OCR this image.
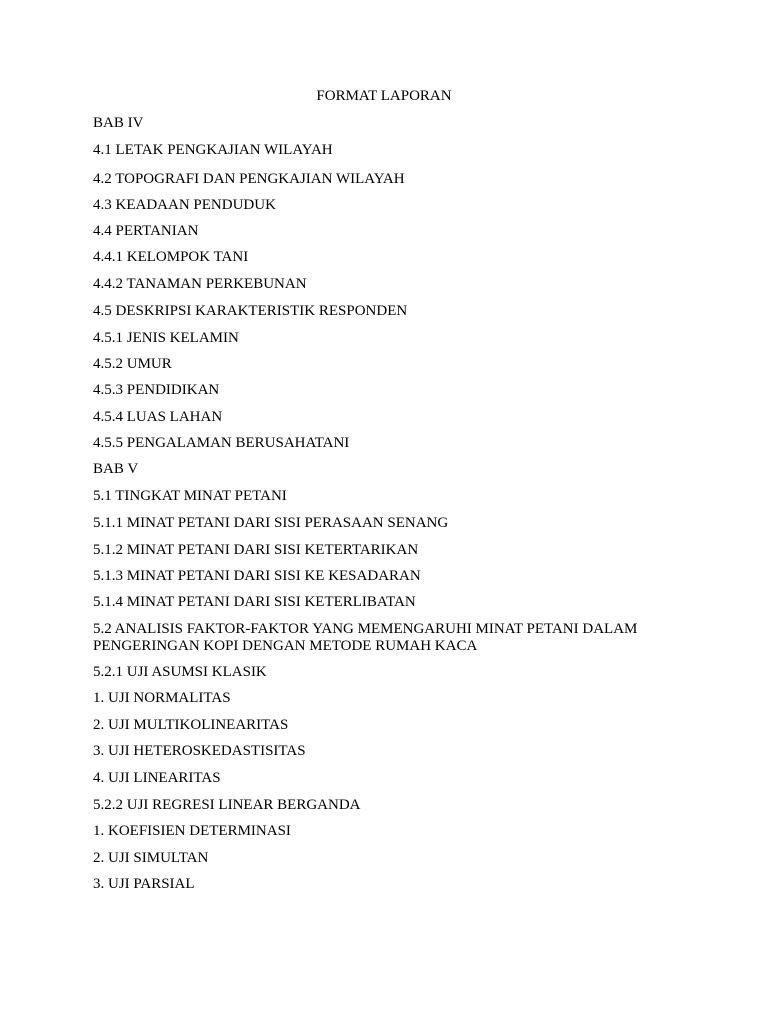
FORMAT LAPORAN
BAB IV
4.1 LETAK PENGKAJIAN WILAYAH
4.2 TOPOGRAFI DAN PENGKAJIAN WILAYAH
4.3 KEADAAN PENDUDUK
4.4 PERTANIAN
4.4.1 KELOMPOK TANI
4.4.2 TANAMAN PERKEBUNAN
4.5 DESKRIPSI KARAKTERISTIK RESPONDEN
4.5.1 JENIS KELAMIN
4.5.2 UMUR
4.5.3 PENDIDIKAN
4.5.4 LUAS LAHAN
4.5.5 PENGALAMAN BERUSAHATANI
BAB V
5.1 TINGKAT MINAT PETANI
5.1.1 MINAT PETANI DARI SISI PERASAAN SENANG
5.1.2 MINAT PETANI DARI SISI KETERTARIKAN
5.1.3 MINAT PETANI DARI SISI KE KESADARAN
5.1.4 MINAT PETANI DARI SISI KETERLIBATAN
5.2 ANALISIS FAKTOR-FAKTOR YANG MEMENGARUHI MINAT PETANI DALAM PENGERINGAN KOPI DENGAN METODE RUMAH KACA
5.2.1 UJI ASUMSI KLASIK
1. UJI NORMALITAS
2. UJI MULTIKOLINEARITAS
3. UJI HETEROSKEDASTISITAS
4. UJI LINEARITAS
5.2.2 UJI REGRESI LINEAR BERGANDA
1. KOEFISIEN DETERMINASI
2. UJI SIMULTAN
3. UJI PARSIAL
